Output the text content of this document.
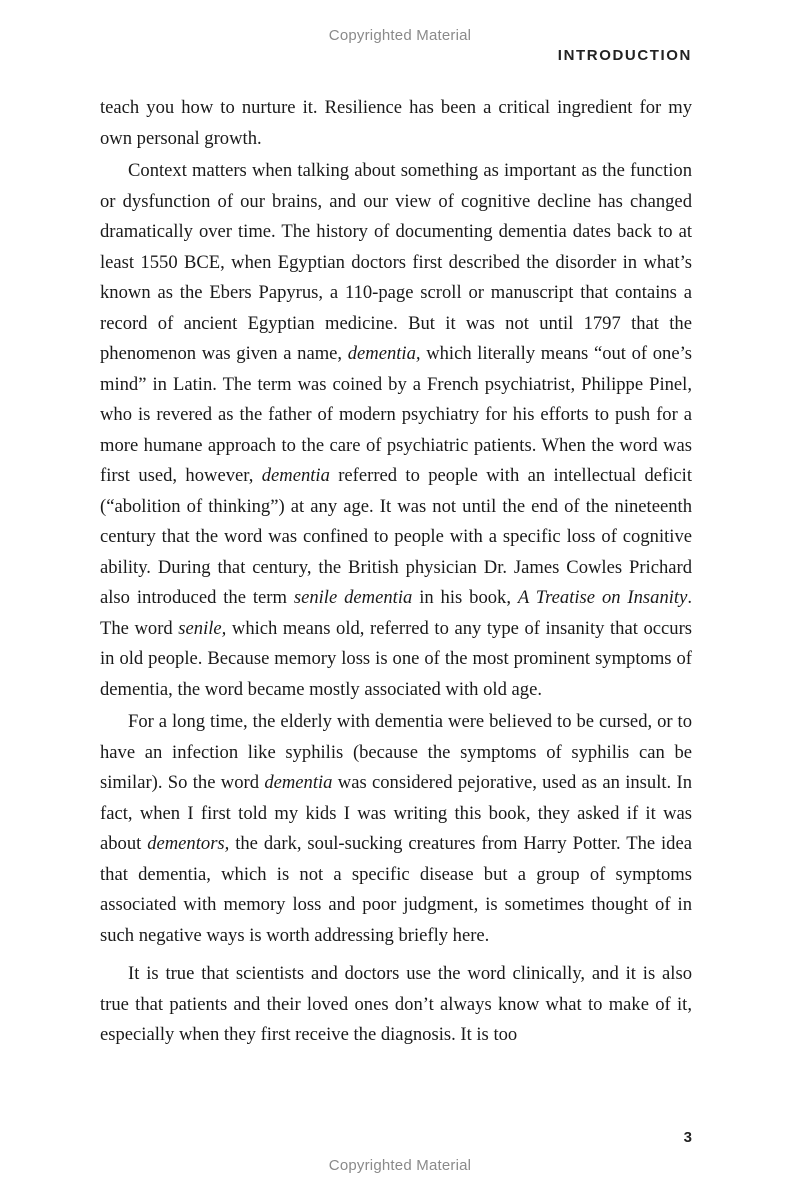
Copyrighted Material
INTRODUCTION

teach you how to nurture it. Resilience has been a critical ingredient for my own personal growth.

Context matters when talking about something as important as the function or dysfunction of our brains, and our view of cognitive decline has changed dramatically over time. The history of documenting dementia dates back to at least 1550 BCE, when Egyptian doctors first described the disorder in what’s known as the Ebers Papyrus, a 110-page scroll or manuscript that contains a record of ancient Egyptian medicine. But it was not until 1797 that the phenomenon was given a name, dementia, which literally means “out of one’s mind” in Latin. The term was coined by a French psychiatrist, Philippe Pinel, who is revered as the father of modern psychiatry for his efforts to push for a more humane approach to the care of psychiatric patients. When the word was first used, however, dementia referred to people with an intellectual deficit (“abolition of thinking”) at any age. It was not until the end of the nineteenth century that the word was confined to people with a specific loss of cognitive ability. During that century, the British physician Dr. James Cowles Prichard also introduced the term senile dementia in his book, A Treatise on Insanity. The word senile, which means old, referred to any type of insanity that occurs in old people. Because memory loss is one of the most prominent symptoms of dementia, the word became mostly associated with old age.

For a long time, the elderly with dementia were believed to be cursed, or to have an infection like syphilis (because the symptoms of syphilis can be similar). So the word dementia was considered pejorative, used as an insult. In fact, when I first told my kids I was writing this book, they asked if it was about dementors, the dark, soul-sucking creatures from Harry Potter. The idea that dementia, which is not a specific disease but a group of symptoms associated with memory loss and poor judgment, is sometimes thought of in such negative ways is worth addressing briefly here.

It is true that scientists and doctors use the word clinically, and it is also true that patients and their loved ones don’t always know what to make of it, especially when they first receive the diagnosis. It is too

3
Copyrighted Material
